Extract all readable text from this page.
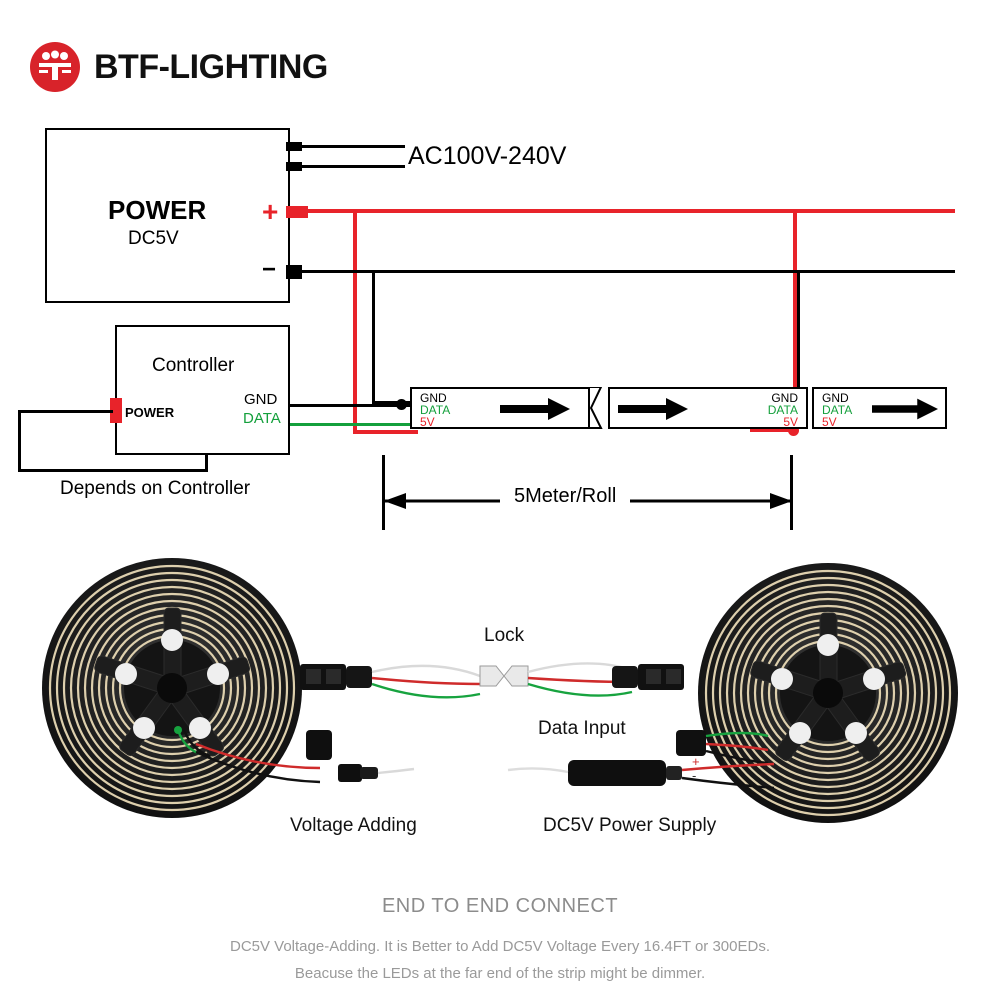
BTF-LIGHTING
POWER
DC5V
AC100V-240V
+
−
Controller
POWER
Depends on Controller
GND
DATA
GND
DATA
5V
GND
DATA
5V
GND
DATA
5V
5Meter/Roll
Lock
Data Input
Voltage Adding	DC5V Power Supply
+
-
END TO END CONNECT
DC5V Voltage-Adding. It is Better to Add DC5V Voltage Every 16.4FT or 300EDs.
Beacuse the LEDs at the far end of the strip might be dimmer.
